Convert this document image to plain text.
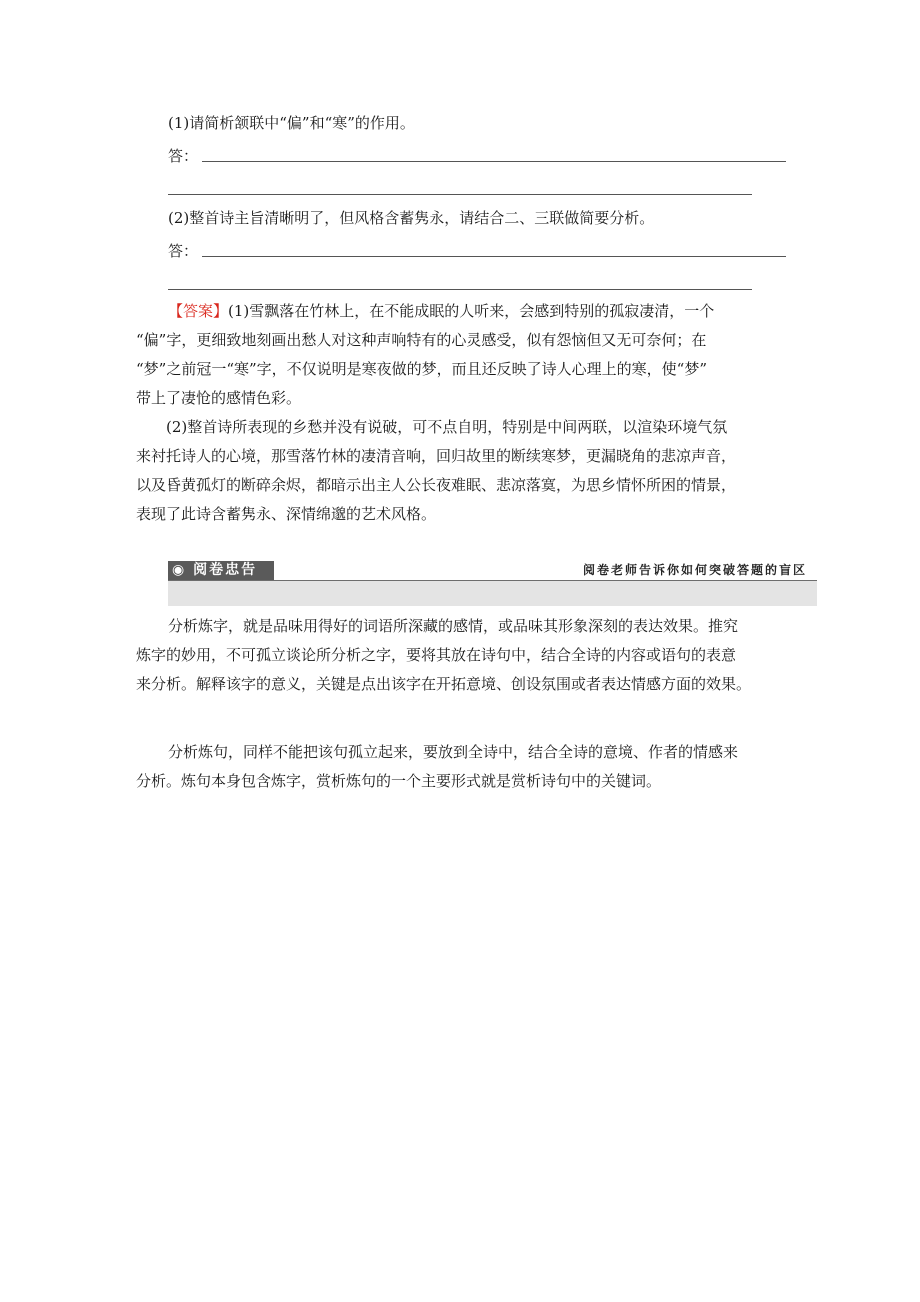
(1)请简析颔联中“偏”和“寒”的作用。
答：
(2)整首诗主旨清晰明了，但风格含蓄隽永，请结合二、三联做简要分析。
答：

【答案】(1)雪飘落在竹林上，在不能成眠的人听来，会感到特别的孤寂凄清，一个

“偏”字，更细致地刻画出愁人对这种声响特有的心灵感受，似有怨恼但又无可奈何；在

“梦”之前冠一“寒”字，不仅说明是寒夜做的梦，而且还反映了诗人心理上的寒，使“梦”

带上了凄怆的感情色彩。

(2)整首诗所表现的乡愁并没有说破，可不点自明，特别是中间两联，以渲染环境气氛

来衬托诗人的心境，那雪落竹林的凄清音响，回归故里的断续寒梦，更漏晓角的悲凉声音，

以及昏黄孤灯的断碎余烬，都暗示出主人公长夜难眠、悲凉落寞，为思乡情怀所困的情景，

表现了此诗含蓄隽永、深情绵邈的艺术风格。

◉ 阅卷忠告	阅卷老师告诉你如何突破答题的盲区

分析炼字，就是品味用得好的词语所深藏的感情，或品味其形象深刻的表达效果。推究

炼字的妙用，不可孤立谈论所分析之字，要将其放在诗句中，结合全诗的内容或语句的表意

来分析。解释该字的意义，关键是点出该字在开拓意境、创设氛围或者表达情感方面的效果。

分析炼句，同样不能把该句孤立起来，要放到全诗中，结合全诗的意境、作者的情感来

分析。炼句本身包含炼字，赏析炼句的一个主要形式就是赏析诗句中的关键词。
